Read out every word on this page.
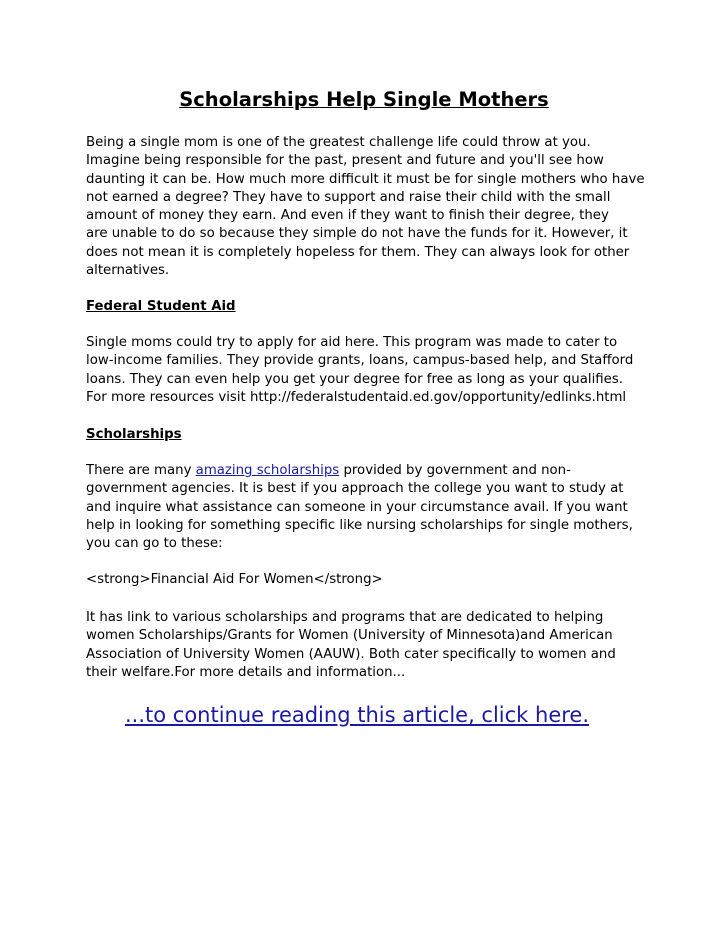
Scholarships Help Single Mothers
Being a single mom is one of the greatest challenge life could throw at you.
Imagine being responsible for the past, present and future and you'll see how
daunting it can be. How much more difficult it must be for single mothers who have
not earned a degree? They have to support and raise their child with the small
amount of money they earn. And even if they want to finish their degree, they
are unable to do so because they simple do not have the funds for it. However, it
does not mean it is completely hopeless for them. They can always look for other
alternatives.
Federal Student Aid
Single moms could try to apply for aid here. This program was made to cater to
low-income families. They provide grants, loans, campus-based help, and Stafford
loans. They can even help you get your degree for free as long as your qualifies.
For more resources visit http://federalstudentaid.ed.gov/opportunity/edlinks.html
Scholarships
There are many amazing scholarships provided by government and non-
government agencies. It is best if you approach the college you want to study at
and inquire what assistance can someone in your circumstance avail. If you want
help in looking for something specific like nursing scholarships for single mothers,
you can go to these:
<strong>Financial Aid For Women</strong>
It has link to various scholarships and programs that are dedicated to helping
women Scholarships/Grants for Women (University of Minnesota)and American
Association of University Women (AAUW). Both cater specifically to women and
their welfare.For more details and information...
...to continue reading this article, click here.
